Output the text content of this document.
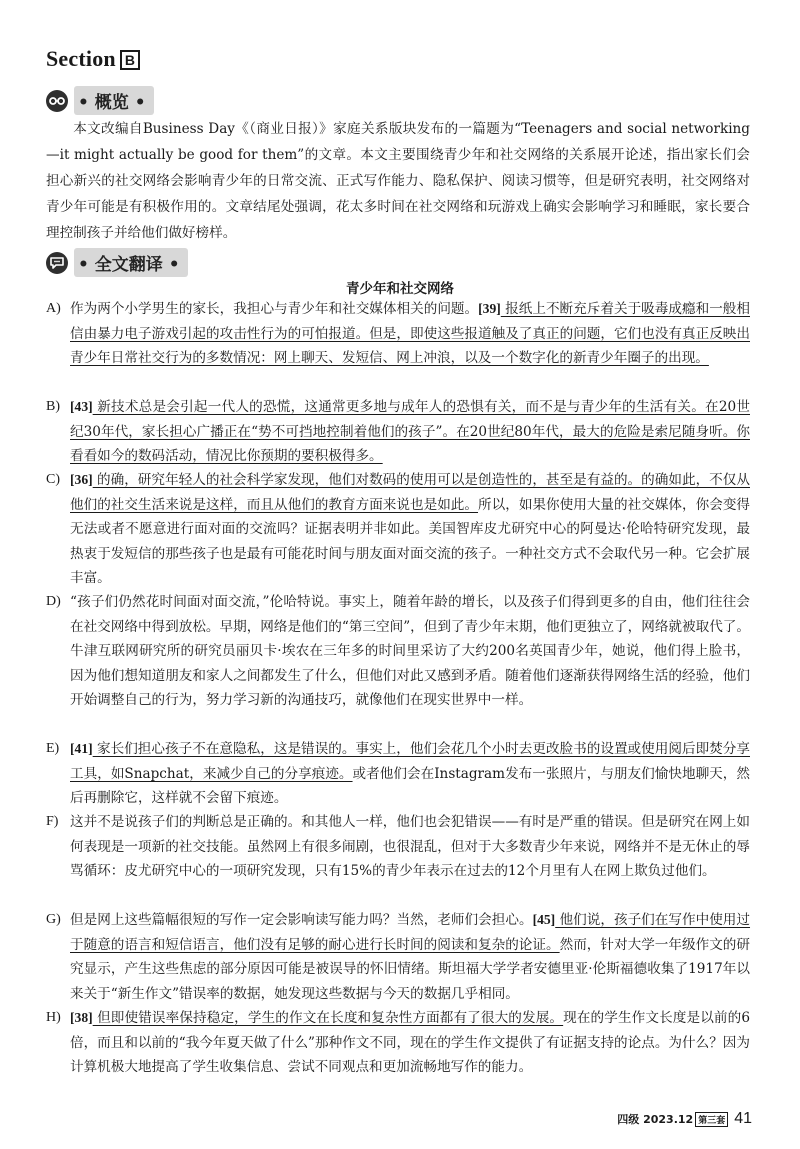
Section B
• 概览 •
本文改编自Business Day《（商业日报）》家庭关系版块发布的一篇题为“Teenagers and social networking—it might actually be good for them”的文章。本文主要围绕青少年和社交网络的关系展开论述，指出家长们会担心新兴的社交网络会影响青少年的日常交流、正式写作能力、隐私保护、阅读习惯等，但是研究表明，社交网络对青少年可能是有积极作用的。文章结尾处强调，花太多时间在社交网络和玩游戏上确实会影响学习和睡眠，家长要合理控制孩子并给他们做好榜样。
• 全文翻译 •
青少年和社交网络
A) 作为两个小学男生的家长，我担心与青少年和社交媒体相关的问题。[39] 报纸上不断充斥着关于吸毒成瘾和一般相信由暴力电子游戏引起的攻击性行为的可怕报道。但是，即使这些报道触及了真正的问题，它们也没有真正反映出青少年日常社交行为的多数情况：网上聊天、发短信、网上冲浪，以及一个数字化的新青少年圈子的出现。
B) [43] 新技术总是会引起一代人的恐慌，这通常更多地与成年人的恐惧有关，而不是与青少年的生活有关。在20世纪30年代，家长担心广播正在“势不可挡地控制着他们的孩子”。在20世纪80年代，最大的危险是索尼随身听。你看看如今的数码活动，情况比你预期的要积极得多。
C) [36] 的确，研究年轻人的社会科学家发现，他们对数码的使用可以是创造性的，甚至是有益的。的确如此，不仅从他们的社交生活来说是这样，而且从他们的教育方面来说也是如此。所以，如果你使用大量的社交媒体，你会变得无法或者不愿意进行面对面的交流吗？证据表明并非如此。美国智库皮尤研究中心的阿曼达·伦哈特研究发现，最热衷于发短信的那些孩子也是最有可能花时间与朋友面对面交流的孩子。一种社交方式不会取代另一种。它会扩展丰富。
D) “孩子们仍然花时间面对面交流，”伦哈特说。事实上，随着年龄的增长，以及孩子们得到更多的自由，他们往往会在社交网络中得到放松。早期，网络是他们的“第三空间”，但到了青少年末期，他们更独立了，网络就被取代了。牛津互联网研究所的研究员丽贝卡·埃农在三年多的时间里采访了大约200名英国青少年，她说，他们得上脸书，因为他们想知道朋友和家人之间都发生了什么，但他们对此又感到矛盾。随着他们逐渐获得网络生活的经验，他们开始调整自己的行为，努力学习新的沟通技巧，就像他们在现实世界中一样。
E) [41] 家长们担心孩子不在意隐私，这是错误的。事实上，他们会花几个小时去更改脸书的设置或使用阅后即焚分享工具，如Snapchat，来减少自己的分享痕迹。或者他们会在Instagram发布一张照片，与朋友们愉快地聊天，然后再删除它，这样就不会留下痕迹。
F) 这并不是说孩子们的判断总是正确的。和其他人一样，他们也会犯错误——有时是严重的错误。但是研究在网上如何表现是一项新的社交技能。虽然网上有很多闹剧，也很混乱，但对于大多数青少年来说，网络并不是无休止的辱骂循环：皮尤研究中心的一项研究发现，只有15%的青少年表示在过去的12个月里有人在网上欺负过他们。
G) 但是网上这些篇幅很短的写作一定会影响读写能力吗？当然，老师们会担心。[45] 他们说，孩子们在写作中使用过于随意的语言和短信语言，他们没有足够的耐心进行长时间的阅读和复杂的论证。然而，针对大学一年级作文的研究显示，产生这些焦虑的部分原因可能是被误导的怀旧情绪。斯坦福大学学者安德里亚·伦斯福德收集了1917年以来关于“新生作文”错误率的数据，她发现这些数据与今天的数据几乎相同。
H) [38] 但即使错误率保持稳定，学生的作文在长度和复杂性方面都有了很大的发展。现在的学生作文长度是以前的6倍，而且和以前的“我今年夏天做了什么”那种作文不同，现在的学生作文提供了有证据支持的论点。为什么？因为计算机极大地提高了学生收集信息、尝试不同观点和更加流畅地写作的能力。
四级 2023.12 第三套 41
